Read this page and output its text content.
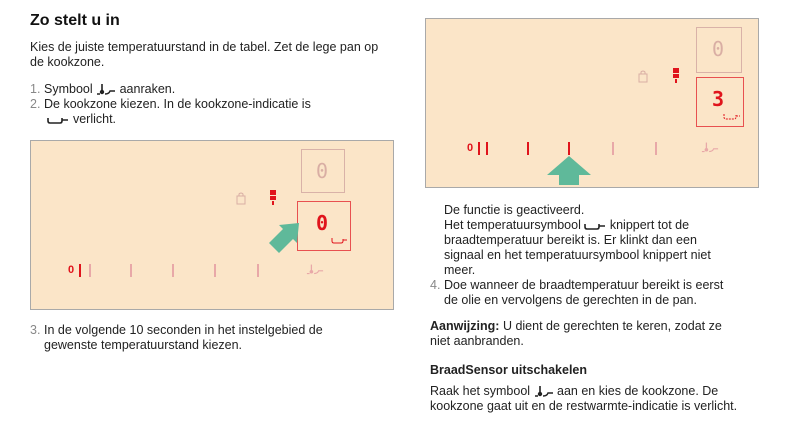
Zo stelt u in
Kies de juiste temperatuurstand in de tabel. Zet de lege pan op de kookzone.
1. Symbool aanraken.
2. De kookzone kiezen. In de kookzone-indicatie is
verlicht.
0
0
0
3. In de volgende 10 seconden in het instelgebied de
gewenste temperatuurstand kiezen.
0
3
0
De functie is geactiveerd.
Het temperatuursymbool knippert tot de
braadtemperatuur bereikt is. Er klinkt dan een
signaal en het temperatuursymbool knippert niet
meer.
4. Doe wanneer de braadtemperatuur bereikt is eerst
de olie en vervolgens de gerechten in de pan.
Aanwijzing: U dient de gerechten te keren, zodat ze
niet aanbranden.
BraadSensor uitschakelen
Raak het symbool aan en kies de kookzone. De
kookzone gaat uit en de restwarmte-indicatie is verlicht.
